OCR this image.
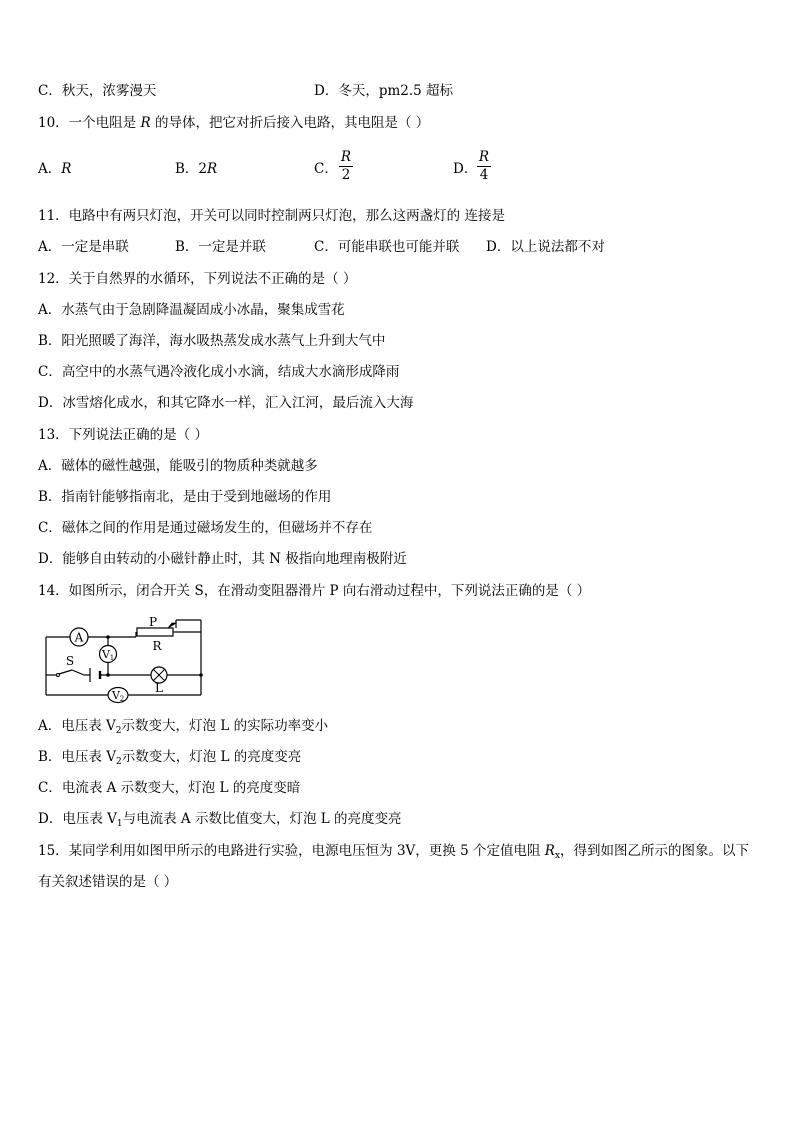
C．秋天，浓雾漫天	D．冬天，pm2.5 超标
10．一个电阻是 R 的导体，把它对折后接入电路，其电阻是（ ）
A．R	B．2R	C．
R
2	D．
R
4
11．电路中有两只灯泡，开关可以同时控制两只灯泡，那么这两盏灯的 连接是
A．一定是串联	B．一定是并联	C．可能串联也可能并联 D．以上说法都不对
12．关于自然界的水循环，下列说法不正确的是（ ）
A．水蒸气由于急剧降温凝固成小冰晶，聚集成雪花
B．阳光照暖了海洋，海水吸热蒸发成水蒸气上升到大气中
C．高空中的水蒸气遇冷液化成小水滴，结成大水滴形成降雨
D．冰雪熔化成水，和其它降水一样，汇入江河，最后流入大海
13．下列说法正确的是（ ）
A．磁体的磁性越强，能吸引的物质种类就越多
B．指南针能够指南北，是由于受到地磁场的作用
C．磁体之间的作用是通过磁场发生的，但磁场并不存在
D．能够自由转动的小磁针静止时，其 N 极指向地理南极附近
14．如图所示，闭合开关 S，在滑动变阻器滑片 P 向右滑动过程中，下列说法正确的是（ ）
A
P
R
V 1
S
L
V 2
A．电压表 $V_2$示数变大，灯泡 L 的实际功率变小
B．电压表 $V_2$示数变大，灯泡 L 的亮度变亮
C．电流表 A 示数变大，灯泡 L 的亮度变暗
D．电压表 $V_1$与电流表 A 示数比值变大，灯泡 L 的亮度变亮
15．某同学利用如图甲所示的电路进行实验，电源电压恒为 3V，更换 5 个定值电阻 $R_x$，得到如图乙所示的图象。以下
有关叙述错误的是（ ）
